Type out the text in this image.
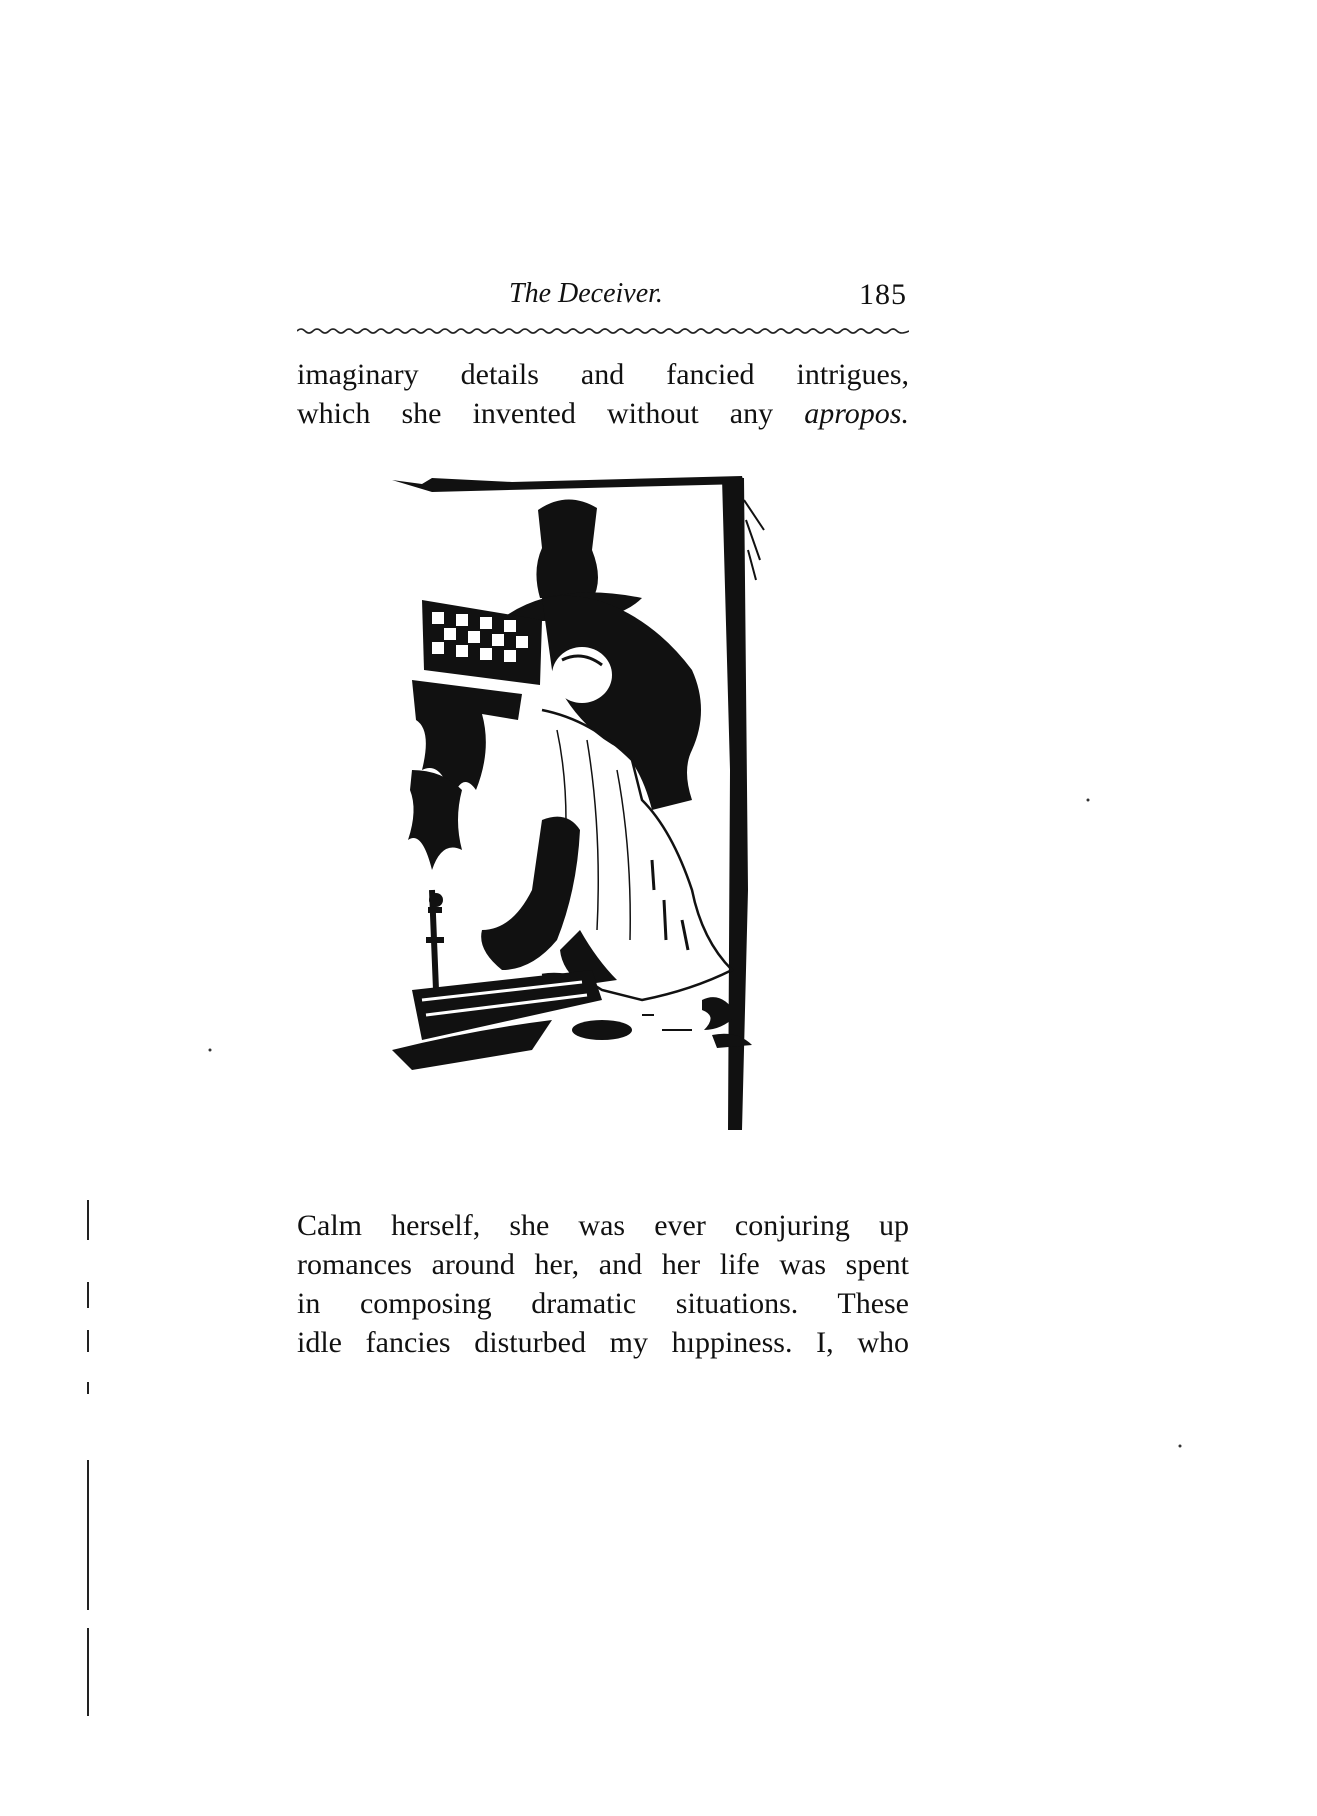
The Deceiver.	185
imaginary details and fancied intrigues,
which she invented without any apropos.
Calm herself, she was ever conjuring up
romances around her, and her life was spent
in composing dramatic situations. These
idle fancies disturbed my hıppiness. I, who
